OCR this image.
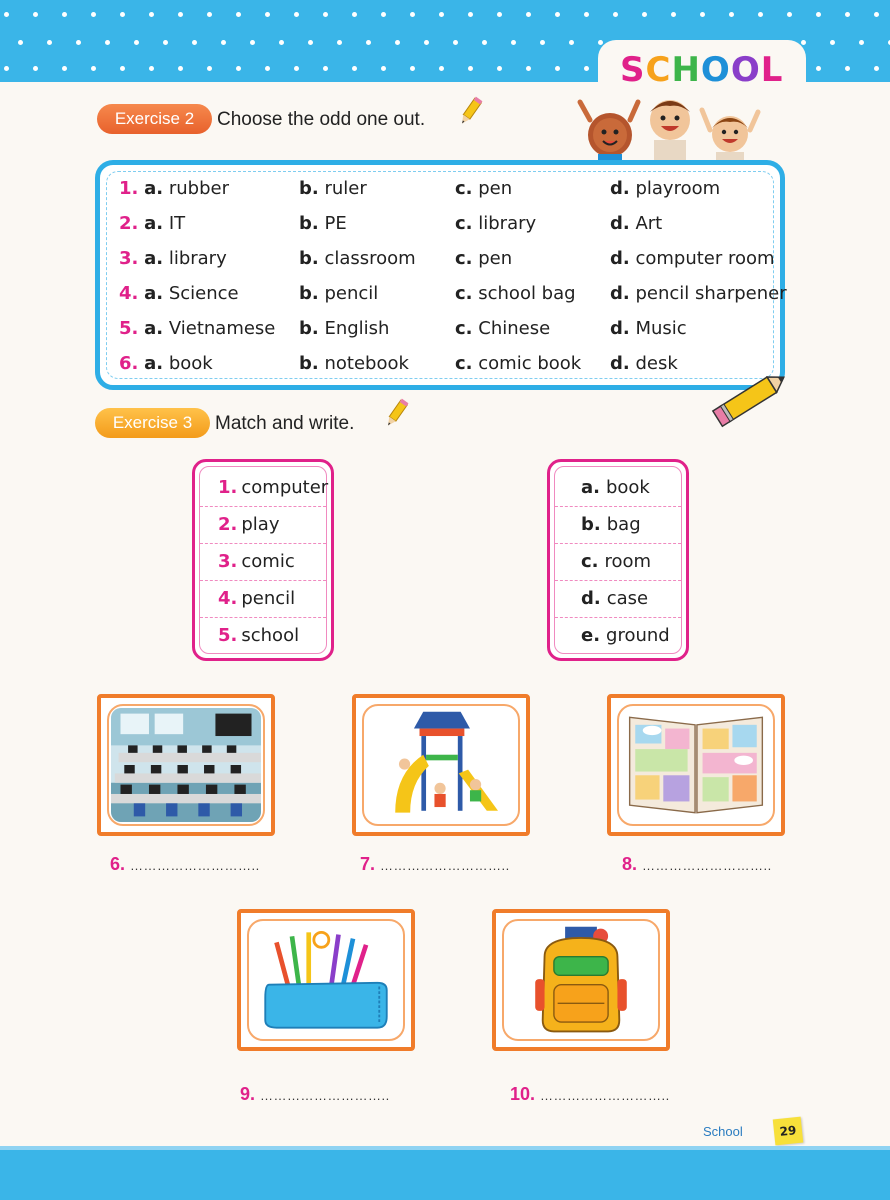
SCHOOL
Exercise 2	Choose the odd one out.
1. a. rubber	b. ruler	c. pen	d. playroom
2. a. IT	b. PE	c. library	d. Art
3. a. library	b. classroom c. pen	d. computer room
4. a. Science	b. pencil	c. school bag d. pencil sharpener
5. a. Vietnamese b. English	c. Chinese	d. Music
6. a. book	b. notebook	c. comic book d. desk
Exercise 3	Match and write.
1. computer
2. play
3. comic
4. pencil
5. school
a. book
b. bag
c. room
d. case
e. ground
6. ………………………..	7. ………………………..	8. ………………………..
9. ………………………..	10. ………………………..
School	29
